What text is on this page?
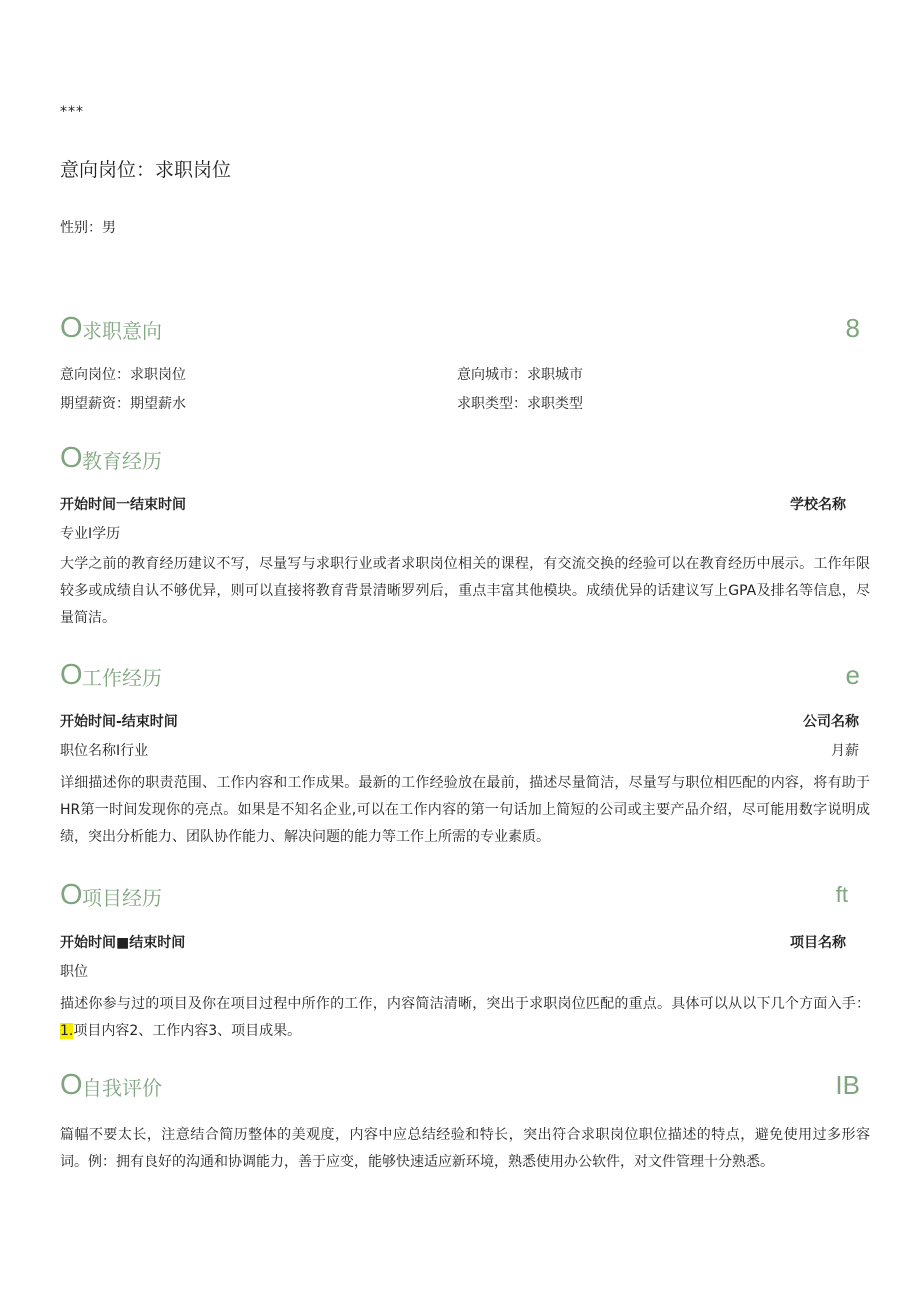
***
意向岗位：求职岗位
性别：男
O 求职意向	8
意向岗位：求职岗位	意向城市：求职城市
期望薪资：期望薪水	求职类型：求职类型
O 教育经历
开始时间一结束时间	学校名称
专业I学历
大学之前的教育经历建议不写，尽量写与求职行业或者求职岗位相关的课程，有交流交换的经验可以在教育经历中展示。工作年限较多或成绩自认不够优异，则可以直接将教育背景清晰罗列后，重点丰富其他模块。成绩优异的话建议写上GPA及排名等信息，尽量简洁。
O 工作经历	e
开始时间-结束时间	公司名称
职位名称I行业	月薪
详细描述你的职责范围、工作内容和工作成果。最新的工作经验放在最前，描述尽量简洁，尽量写与职位相匹配的内容，将有助于HR第一时间发现你的亮点。如果是不知名企业,可以在工作内容的第一句话加上简短的公司或主要产品介绍，尽可能用数字说明成绩，突出分析能力、团队协作能力、解决问题的能力等工作上所需的专业素质。
O 项目经历	ft
开始时间■结束时间	项目名称
职位
描述你参与过的项目及你在项目过程中所作的工作，内容简洁清晰，突出于求职岗位匹配的重点。具体可以从以下几个方面入手：1.项目内容2、工作内容3、项目成果。
O 自我评价	IB
篇幅不要太长，注意结合简历整体的美观度，内容中应总结经验和特长，突出符合求职岗位职位描述的特点，避免使用过多形容词。例：拥有良好的沟通和协调能力，善于应变，能够快速适应新环境，熟悉使用办公软件，对文件管理十分熟悉。
